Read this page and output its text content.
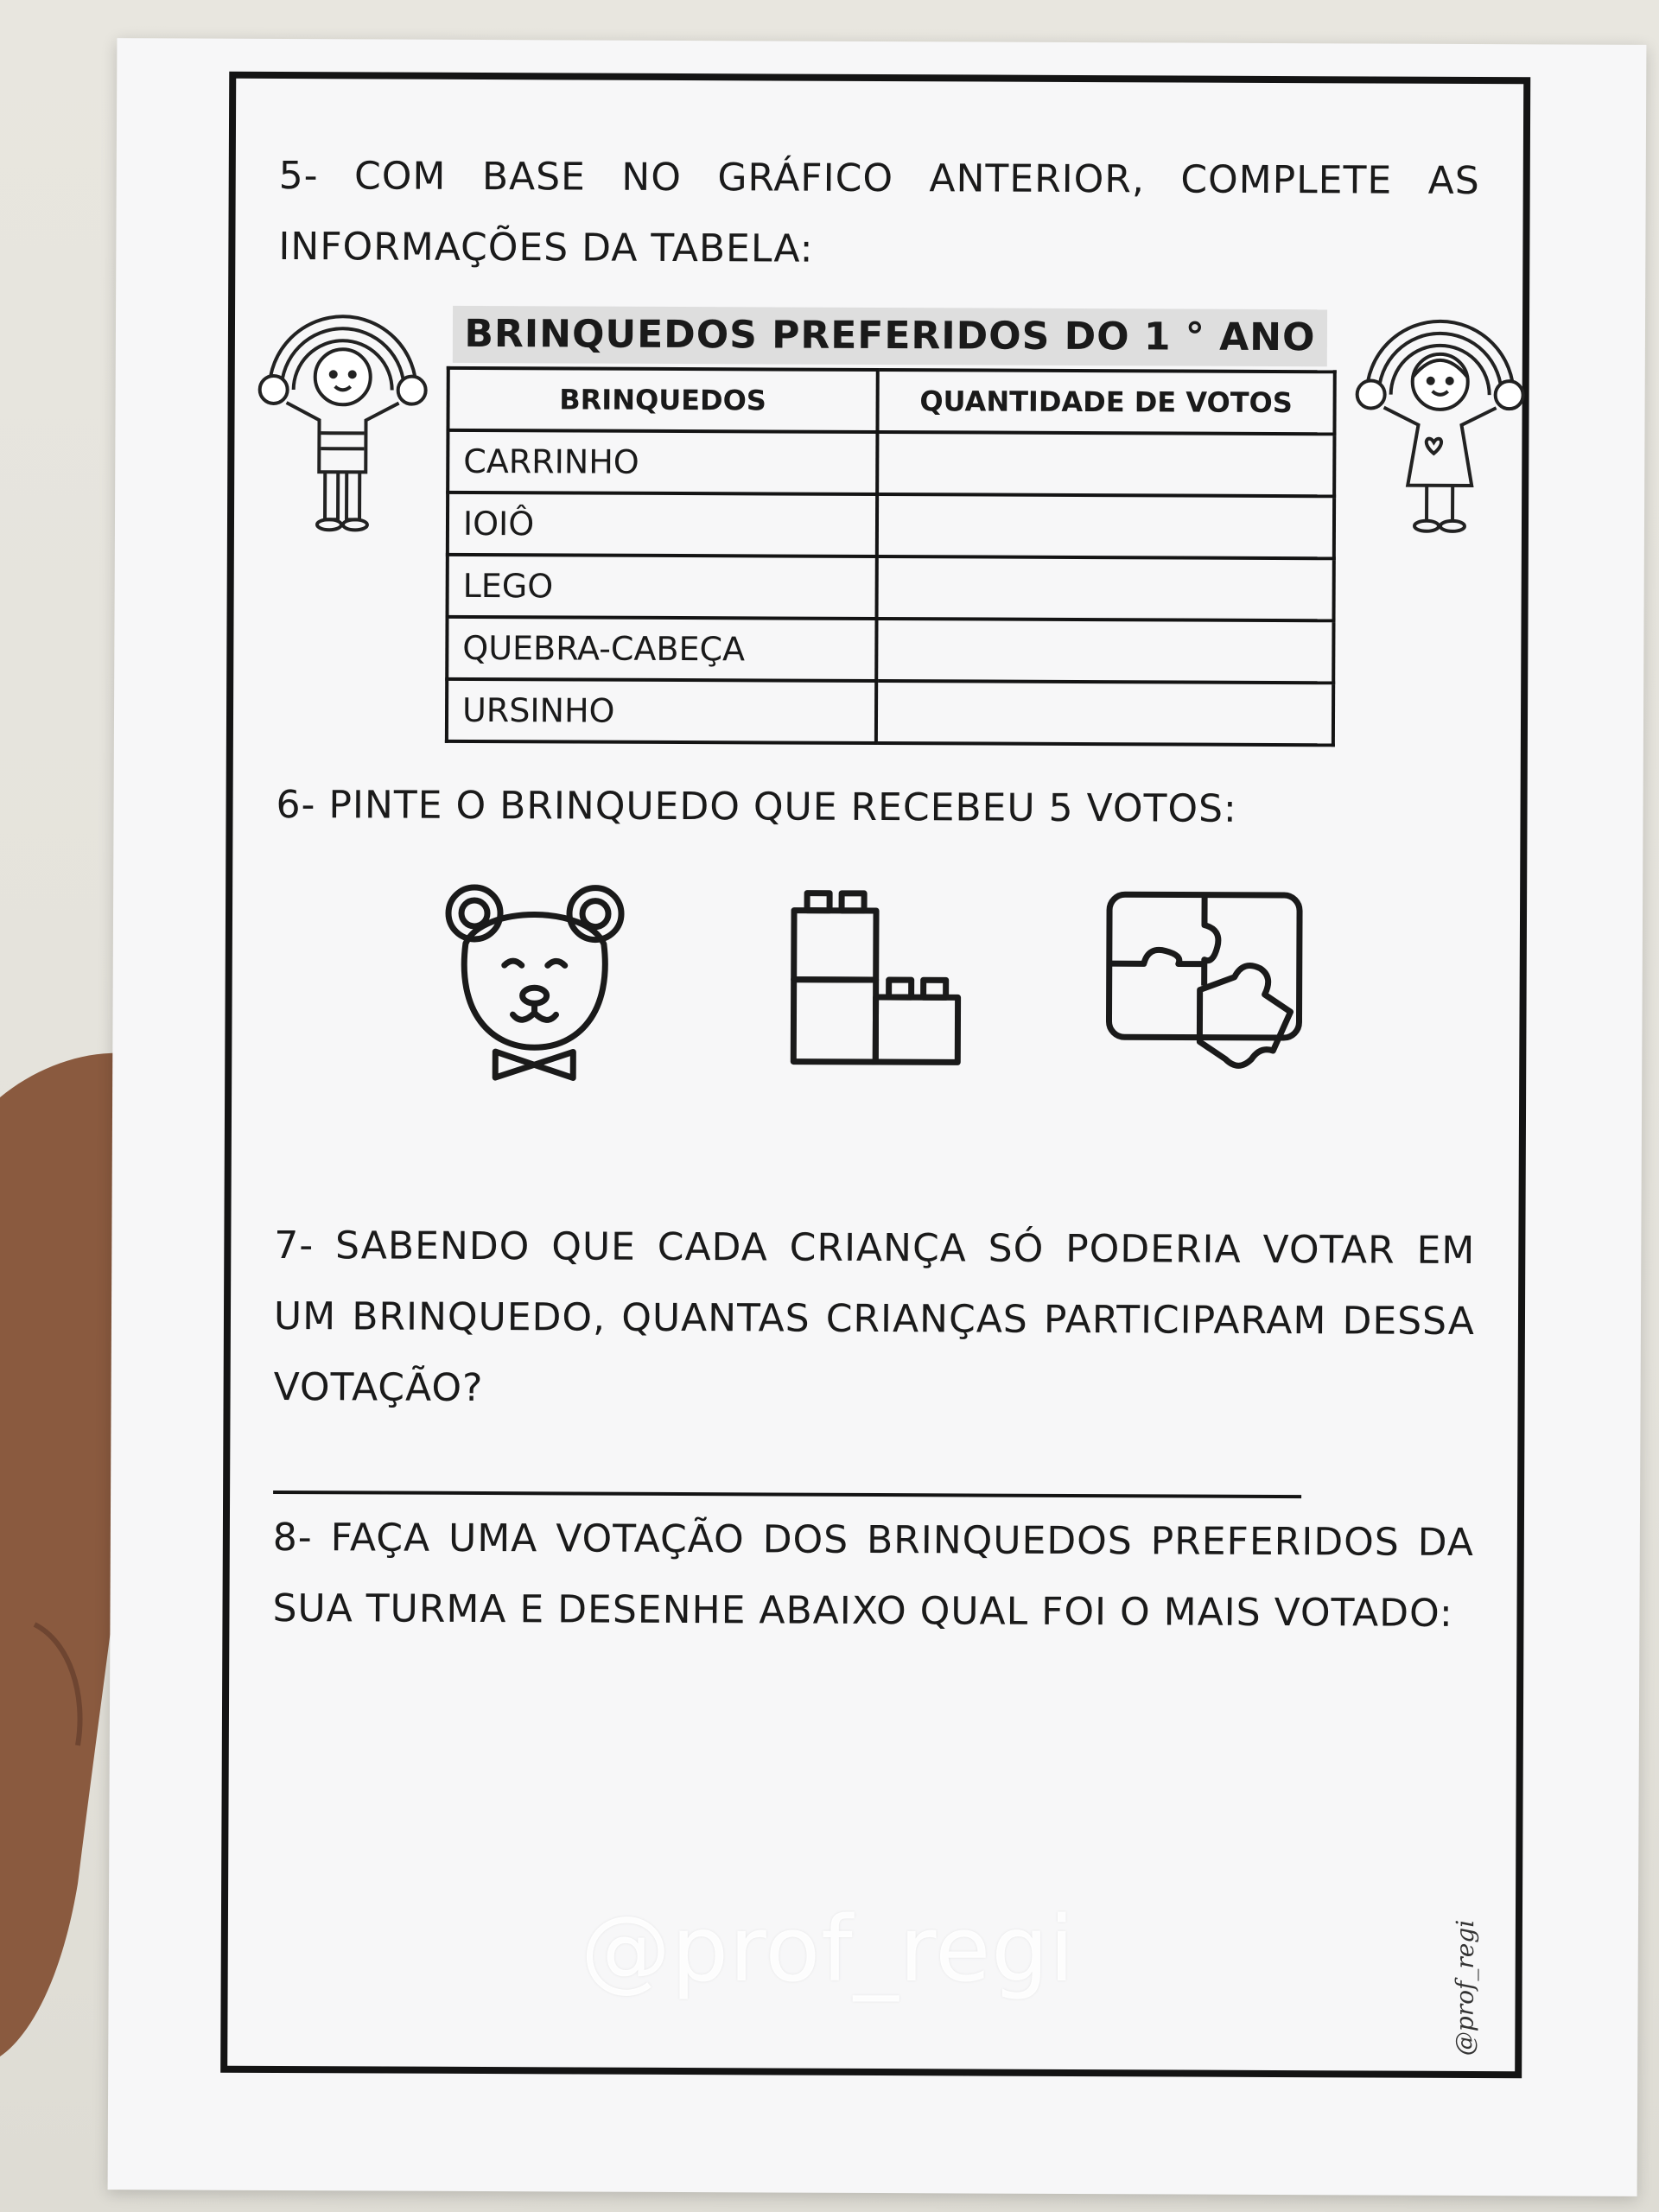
5- COM BASE NO GRÁFICO ANTERIOR, COMPLETE AS INFORMAÇÕES DA TABELA:
BRINQUEDOS PREFERIDOS DO 1 ° ANO
BRINQUEDOS	QUANTIDADE DE VOTOS
CARRINHO	
IOIÔ	
LEGO	
QUEBRA-CABEÇA	
URSINHO	
6- PINTE O BRINQUEDO QUE RECEBEU 5 VOTOS:
7- SABENDO QUE CADA CRIANÇA SÓ PODERIA VOTAR EM UM BRINQUEDO, QUANTAS CRIANÇAS PARTICIPARAM DESSA VOTAÇÃO?
8- FAÇA UMA VOTAÇÃO DOS BRINQUEDOS PREFERIDOS DA SUA TURMA E DESENHE ABAIXO QUAL FOI O MAIS VOTADO:
@prof_regi
@prof_regi
